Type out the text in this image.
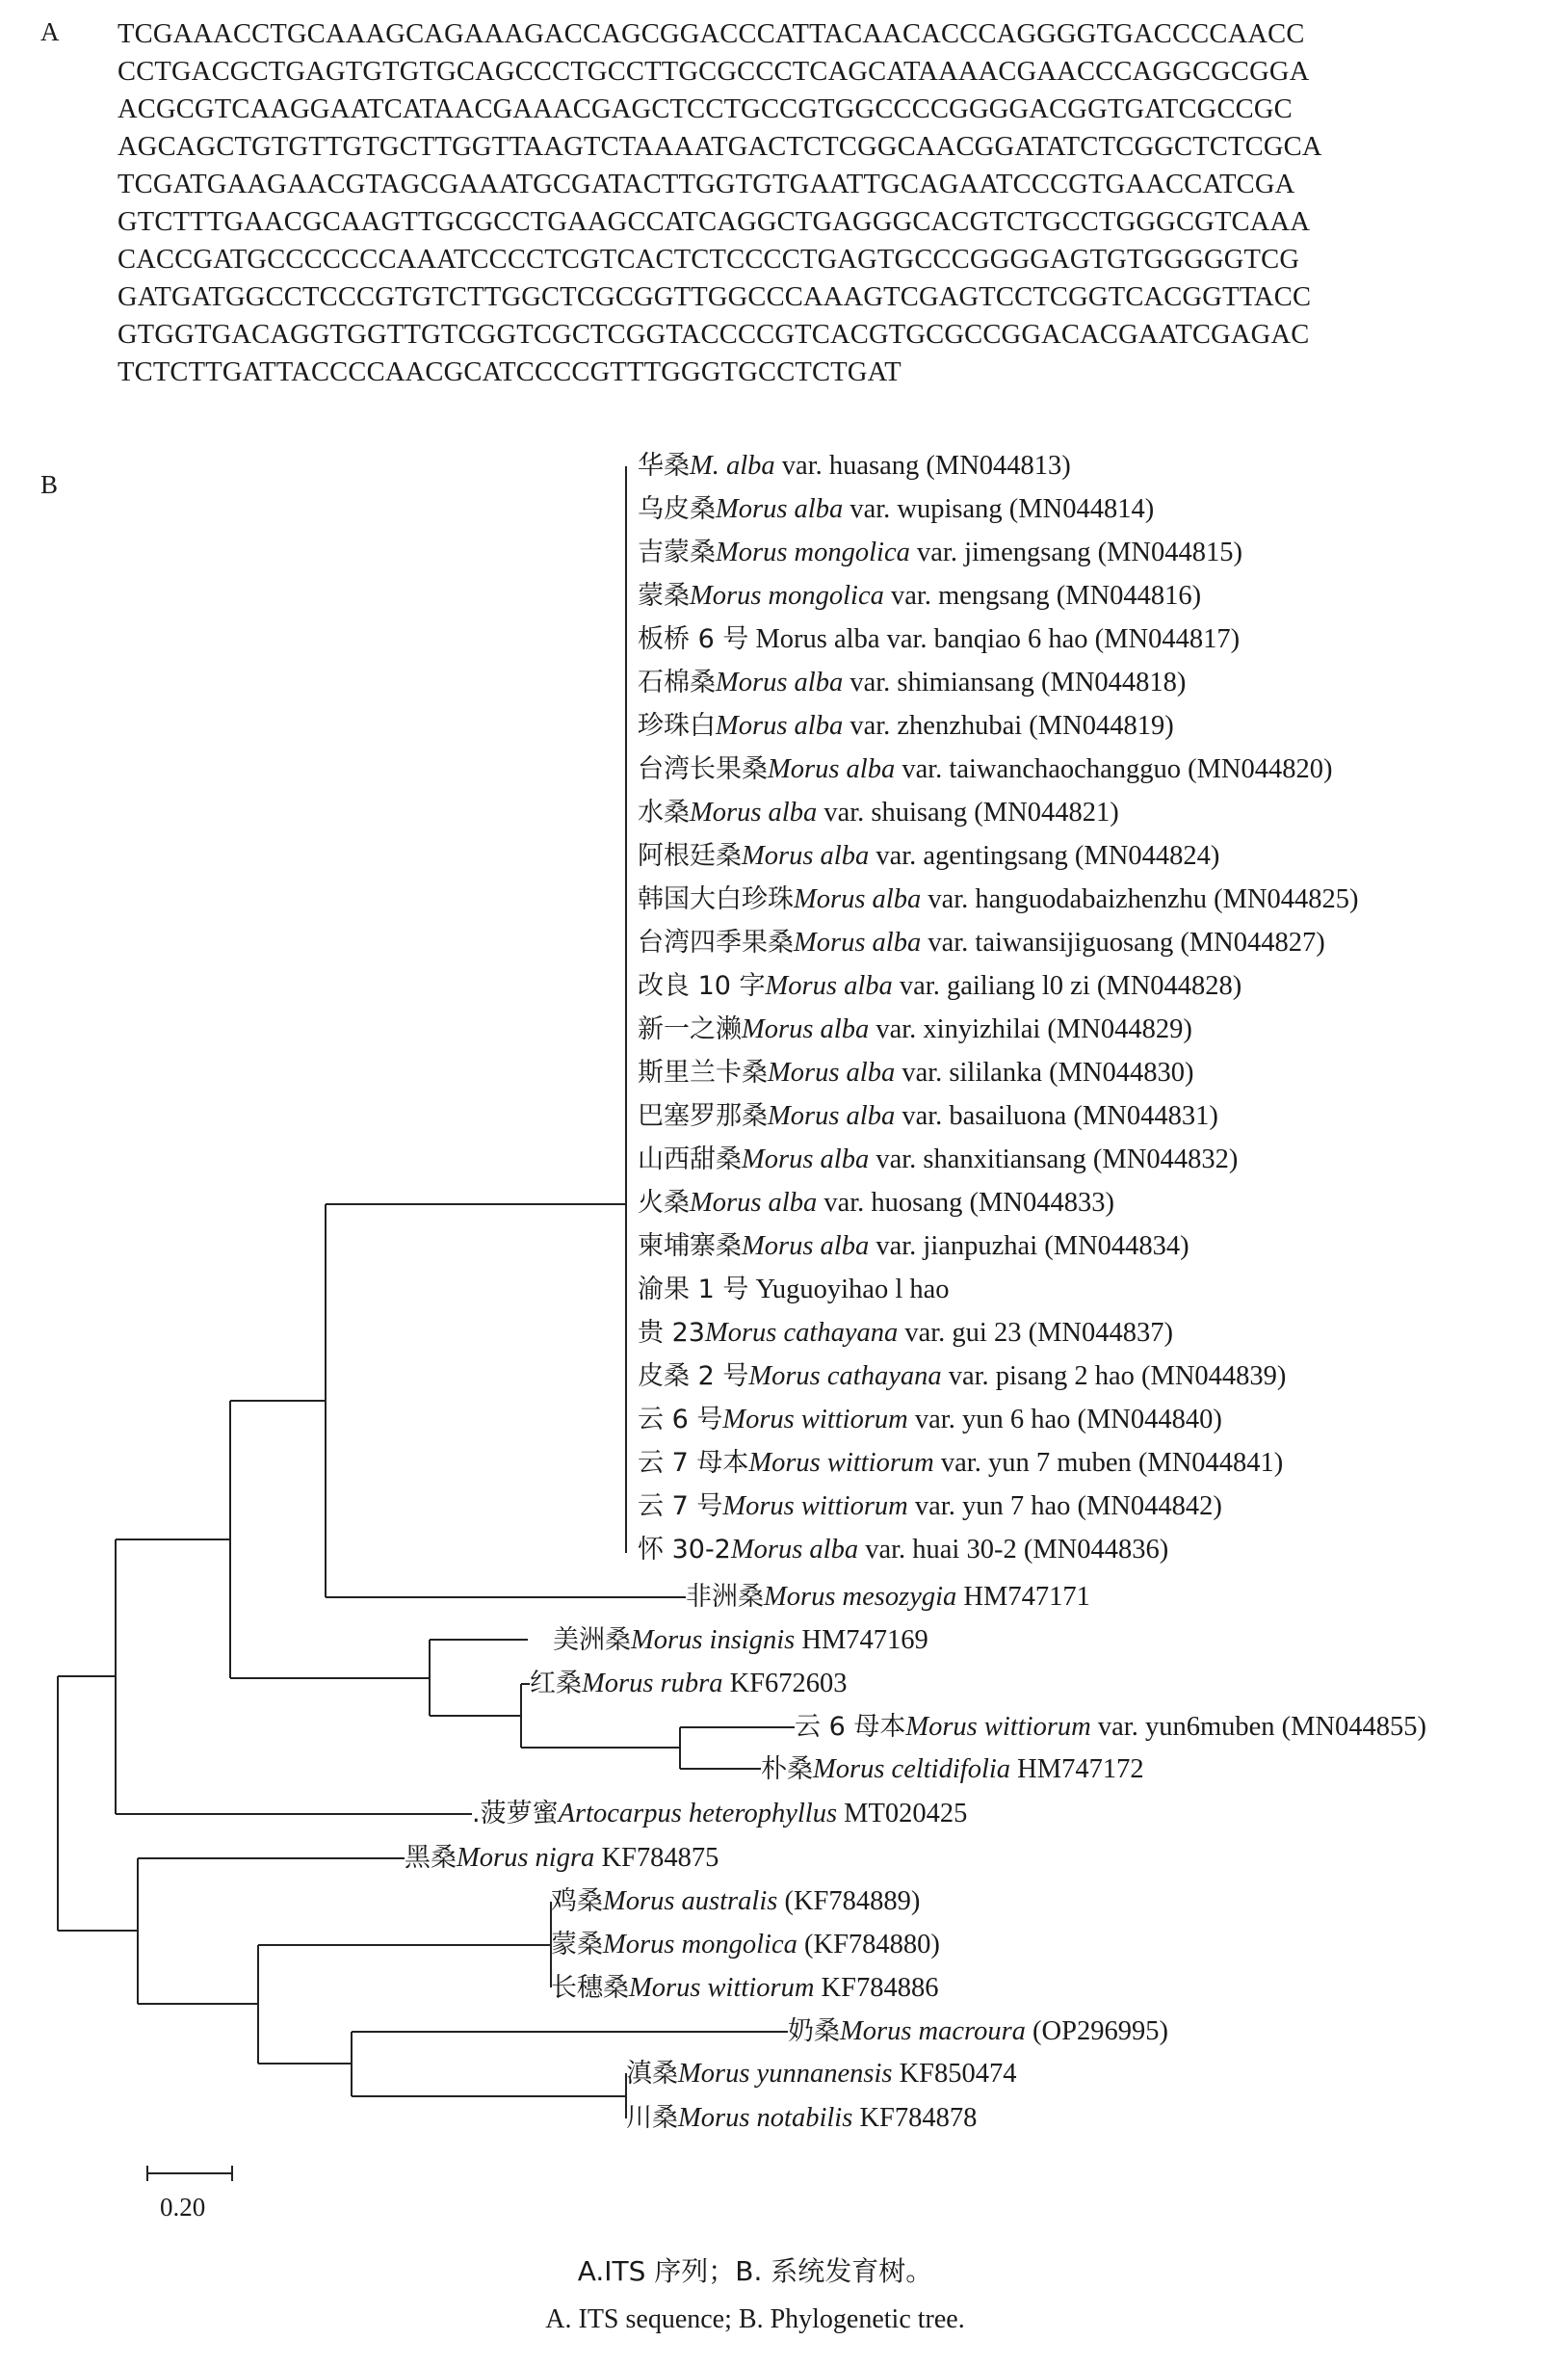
A TCGAAACCTGCAAAGCAGAAAGACCAGCGGACCCATTACAACACCCAGGGGTGACCCCAACC
CCTGACGCTGAGTGTGTGCAGCCCTGCCTTGCGCCCTCAGCATAAAACGAACCCAGGCGCGGA
ACGCGTCAAGGAATCATAACGAAACGAGCTCCTGCCGTGGCCCCGGGGACGGTGATCGCCGC
AGCAGCTGTGTTGTGCTTGGTTAAGTCTAAAATGACTCTCGGCAACGGATATCTCGGCTCTCGCA
TCGATGAAGAACGTAGCGAAATGCGATACTTGGTGTGAATTGCAGAATCCCGTGAACCATCGA
GTCTTTGAACGCAAGTTGCGCCTGAAGCCATCAGGCTGAGGGCACGTCTGCCTGGGCGTCAAA
CACCGATGCCCCCCCAAATCCCCTCGTCACTCTCCCCTGAGTGCCCGGGGAGTGTGGGGGTCG
GATGATGGCCTCCCGTGTCTTGGCTCGCGGTTGGCCCAAAGTCGAGTCCTCGGTCACGGTTACC
GTGGTGACAGGTGGTTGTCGGTCGCTCGGTACCCCGTCACGTGCGCCGGACACGAATCGAGAC
TCTCTTGATTACCCCAACGCATCCCCGTTTGGGTGCCTCTGAT
B
华桑M. alba var. huasang (MN044813)
乌皮桑Morus alba var. wupisang (MN044814)
吉蒙桑Morus mongolica var. jimengsang (MN044815)
蒙桑Morus mongolica var. mengsang (MN044816)
板桥 6 号 Morus alba var. banqiao 6 hao (MN044817)
石棉桑Morus alba var. shimiansang (MN044818)
珍珠白Morus alba var. zhenzhubai (MN044819)
台湾长果桑Morus alba var. taiwanchaochangguo (MN044820)
水桑Morus alba var. shuisang (MN044821)
阿根廷桑Morus alba var. agentingsang (MN044824)
韩国大白珍珠Morus alba var. hanguodabaizhenzhu (MN044825)
台湾四季果桑Morus alba var. taiwansijiguosang (MN044827)
改良 10 字Morus alba var. gailiang l0 zi (MN044828)
新一之濑Morus alba var. xinyizhilai (MN044829)
斯里兰卡桑Morus alba var. sililanka (MN044830)
巴塞罗那桑Morus alba var. basailuona (MN044831)
山西甜桑Morus alba var. shanxitiansang (MN044832)
火桑Morus alba var. huosang (MN044833)
柬埔寨桑Morus alba var. jianpuzhai (MN044834)
渝果 1 号 Yuguoyihao l hao
贵 23Morus cathayana var. gui 23 (MN044837)
皮桑 2 号Morus cathayana var. pisang 2 hao (MN044839)
云 6 号Morus wittiorum var. yun 6 hao (MN044840)
云 7 母本Morus wittiorum var. yun 7 muben (MN044841)
云 7 号Morus wittiorum var. yun 7 hao (MN044842)
怀 30-2Morus alba var. huai 30-2 (MN044836)
非洲桑Morus mesozygia HM747171
美洲桑Morus insignis HM747169
红桑Morus rubra KF672603
云 6 母本Morus wittiorum var. yun6muben (MN044855)
朴桑Morus celtidifolia HM747172
.菠萝蜜Artocarpus heterophyllus MT020425
黑桑Morus nigra KF784875
鸡桑Morus australis (KF784889)
蒙桑Morus mongolica (KF784880)
长穗桑Morus wittiorum KF784886
奶桑Morus macroura (OP296995)
滇桑Morus yunnanensis KF850474
川桑Morus notabilis KF784878
0.20
A.ITS 序列；B. 系统发育树。
A. ITS sequence; B. Phylogenetic tree.
